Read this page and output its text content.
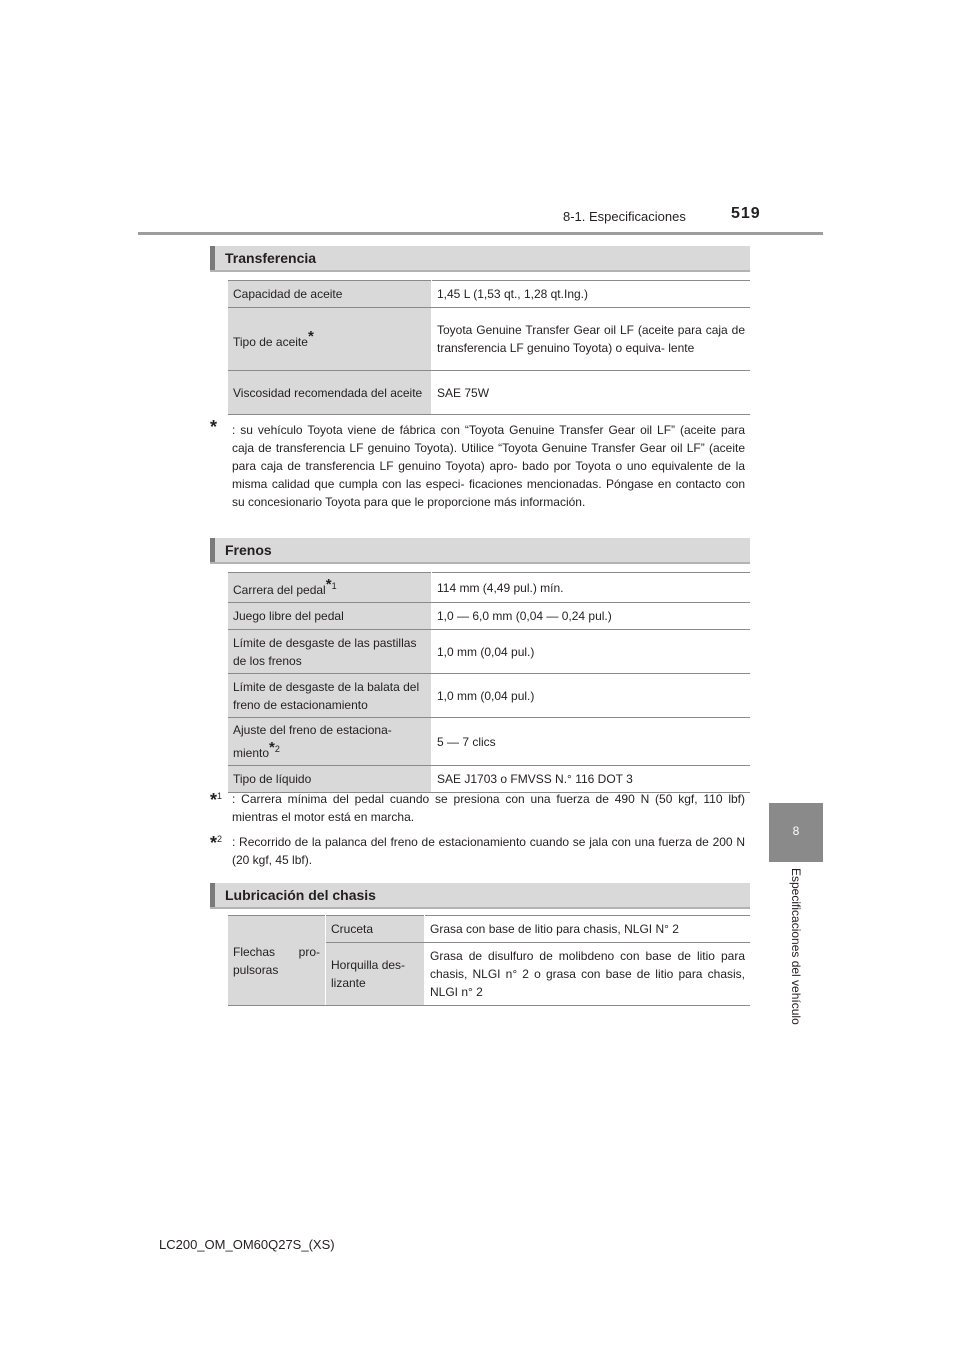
8-1. Especificaciones	519
8
Especificaciones del vehículo
Transferencia
Capacidad de aceite	1,45 L (1,53 qt., 1,28 qt.Ing.)
Tipo de aceite*	Toyota Genuine Transfer Gear oil LF (aceite para caja de transferencia LF genuino Toyota) o equiva- lente
Viscosidad recomendada del aceite	SAE 75W
*	: su vehículo Toyota viene de fábrica con “Toyota Genuine Transfer Gear oil LF” (aceite para caja de transferencia LF genuino Toyota). Utilice “Toyota Genuine Transfer Gear oil LF” (aceite para caja de transferencia LF genuino Toyota) apro- bado por Toyota o uno equivalente de la misma calidad que cumpla con las especi- ficaciones mencionadas. Póngase en contacto con su concesionario Toyota para que le proporcione más información.
Frenos
Carrera del pedal$^{*1}$	114 mm (4,49 pul.) mín.
Juego libre del pedal	1,0 — 6,0 mm (0,04 — 0,24 pul.)
Límite de desgaste de las pastillas de los frenos	1,0 mm (0,04 pul.)
Límite de desgaste de la balata del freno de estacionamiento	1,0 mm (0,04 pul.)
Ajuste del freno de estaciona- miento$^{*2}$	5 — 7 clics
Tipo de líquido	SAE J1703 o FMVSS N.° 116 DOT 3
*$^1$ : Carrera mínima del pedal cuando se presiona con una fuerza de 490 N (50 kgf, 110 lbf) mientras el motor está en marcha.
*$^2$ : Recorrido de la palanca del freno de estacionamiento cuando se jala con una fuerza de 200 N (20 kgf, 45 lbf).
Lubricación del chasis
Flechas pro- pulsoras	Cruceta	Grasa con base de litio para chasis, NLGI N° 2
	Horquilla des- lizante	Grasa de disulfuro de molibdeno con base de litio para chasis, NLGI n° 2 o grasa con base de litio para chasis, NLGI n° 2
LC200_OM_OM60Q27S_(XS)
